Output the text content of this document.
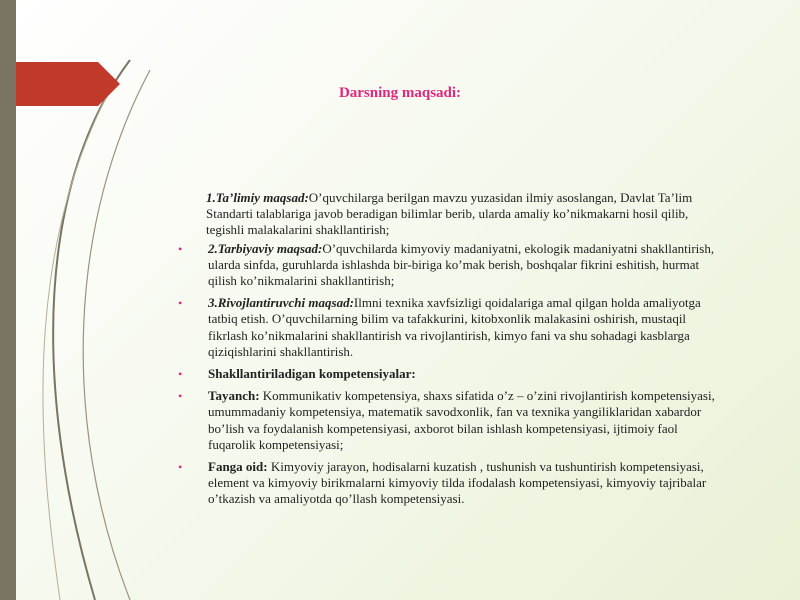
Darsning maqsadi:
1.Ta’limiy maqsad:O’quvchilarga berilgan mavzu yuzasidan ilmiy asoslangan, Davlat Ta’lim Standarti talablariga javob beradigan bilimlar berib, ularda amaliy ko’nikmakarni hosil qilib, tegishli malakalarini shakllantirish;
• 2.Tarbiyaviy maqsad:O’quvchilarda kimyoviy madaniyatni, ekologik madaniyatni shakllantirish, ularda sinfda, guruhlarda ishlashda bir-biriga ko’mak berish, boshqalar fikrini eshitish, hurmat qilish ko’nikmalarini shakllantirish;
• 3.Rivojlantiruvchi maqsad:Ilmni texnika xavfsizligi qoidalariga amal qilgan holda amaliyotga tatbiq etish. O’quvchilarning bilim va tafakkurini, kitobxonlik malakasini oshirish, mustaqil fikrlash ko’nikmalarini shakllantirish va rivojlantirish, kimyo fani va shu sohadagi kasblarga qiziqishlarini shakllantirish.
• Shakllantiriladigan kompetensiyalar:
• Tayanch: Kommunikativ kompetensiya, shaxs sifatida o’z – o’zini rivojlantirish kompetensiyasi, umummadaniy kompetensiya, matematik savodxonlik, fan va texnika yangiliklaridan xabardor bo’lish va foydalanish kompetensiyasi, axborot bilan ishlash kompetensiyasi, ijtimoiy faol fuqarolik kompetensiyasi;
• Fanga oid: Kimyoviy jarayon, hodisalarni kuzatish , tushunish va tushuntirish kompetensiyasi, element va kimyoviy birikmalarni kimyoviy tilda ifodalash kompetensiyasi, kimyoviy tajribalar o’tkazish va amaliyotda qo’llash kompetensiyasi.
